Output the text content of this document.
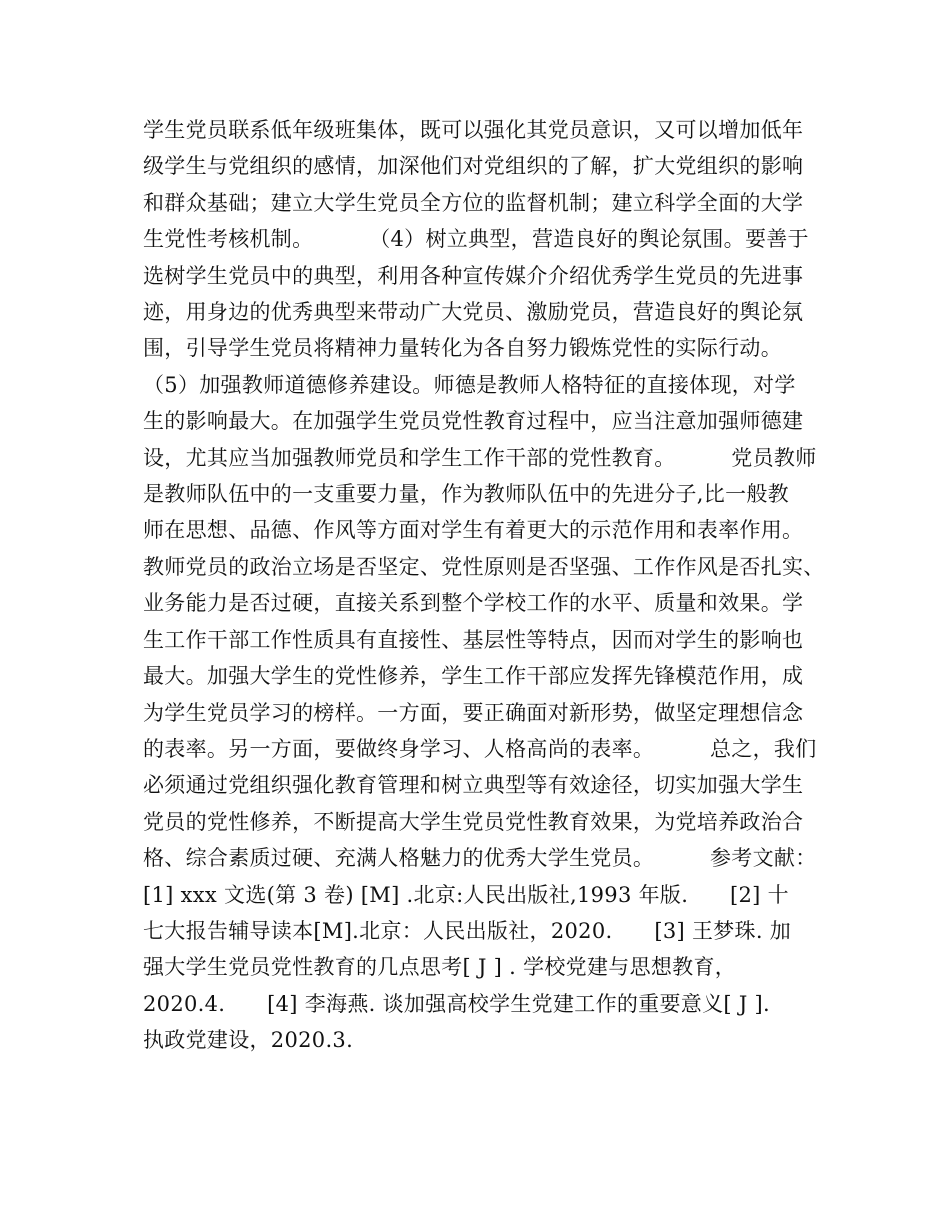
学生党员联系低年级班集体，既可以强化其党员意识，又可以增加低年
级学生与党组织的感情，加深他们对党组织的了解，扩大党组织的影响
和群众基础；建立大学生党员全方位的监督机制；建立科学全面的大学
生党性考核机制。        （4）树立典型，营造良好的舆论氛围。要善于
选树学生党员中的典型，利用各种宣传媒介介绍优秀学生党员的先进事
迹，用身边的优秀典型来带动广大党员、激励党员，营造良好的舆论氛
围，引导学生党员将精神力量转化为各自努力锻炼党性的实际行动。
（5）加强教师道德修养建设。师德是教师人格特征的直接体现，对学
生的影响最大。在加强学生党员党性教育过程中，应当注意加强师德建
设，尤其应当加强教师党员和学生工作干部的党性教育。        党员教师
是教师队伍中的一支重要力量，作为教师队伍中的先进分子,比一般教
师在思想、品德、作风等方面对学生有着更大的示范作用和表率作用。
教师党员的政治立场是否坚定、党性原则是否坚强、工作作风是否扎实、
业务能力是否过硬，直接关系到整个学校工作的水平、质量和效果。学
生工作干部工作性质具有直接性、基层性等特点，因而对学生的影响也
最大。加强大学生的党性修养，学生工作干部应发挥先锋模范作用，成
为学生党员学习的榜样。一方面，要正确面对新形势，做坚定理想信念
的表率。另一方面，要做终身学习、人格高尚的表率。        总之，我们
必须通过党组织强化教育管理和树立典型等有效途径，切实加强大学生
党员的党性修养，不断提高大学生党员党性教育效果，为党培养政治合
格、综合素质过硬、充满人格魅力的优秀大学生党员。        参考文献：
[1] xxx 文选(第 3 卷) [M] .北京:人民出版社,1993 年版.      [2] 十
七大报告辅导读本[M].北京：人民出版社，2020.      [3] 王梦珠. 加
强大学生党员党性教育的几点思考[ J ] . 学校党建与思想教育，
2020.4.      [4] 李海燕. 谈加强高校学生党建工作的重要意义[ J ].
执政党建设，2020.3.
